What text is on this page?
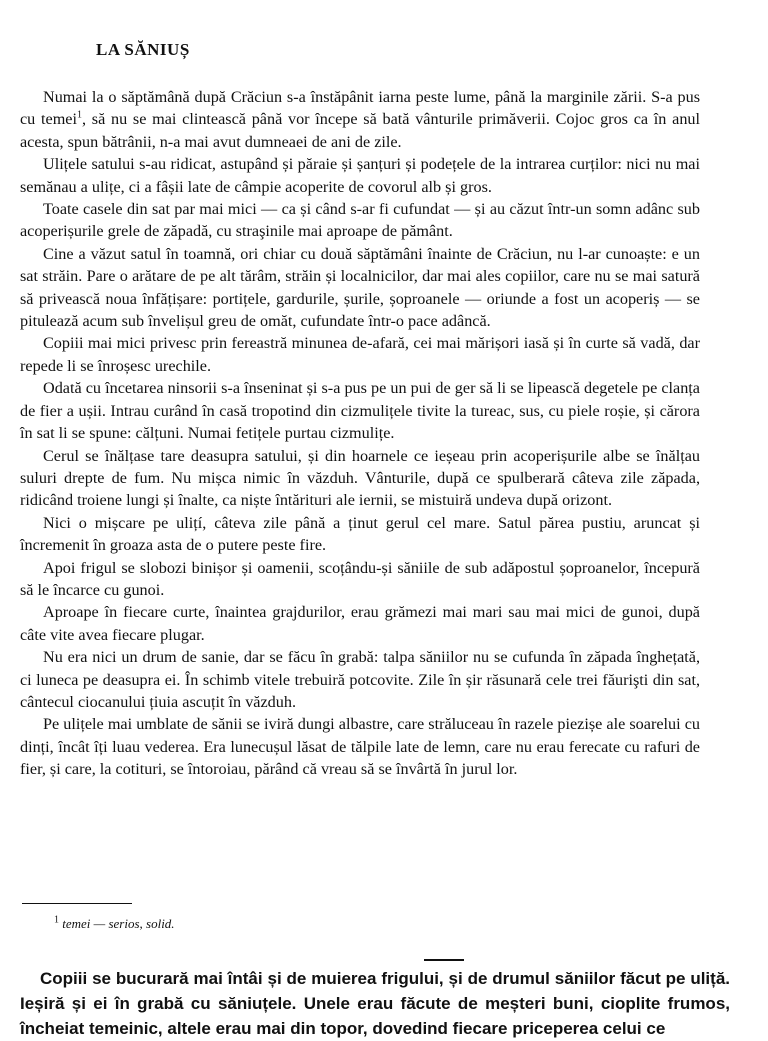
LA SĂNIUȘ

Numai la o săptămână după Crăciun s-a înstăpânit iarna peste lume, până la marginile zării. S-a pus cu temei$^1$, să nu se mai clintească până vor începe să bată vânturile primăverii. Cojoc gros ca în anul acesta, spun bătrânii, n-a mai avut dumneaei de ani de zile.

Ulițele satului s-au ridicat, astupând și păraie și șanțuri și podețele de la intrarea curților: nici nu mai semănau a ulițe, ci a fâșii late de câmpie acoperite de covorul alb și gros.

Toate casele din sat par mai mici — ca și când s-ar fi cufundat — și au căzut într-un somn adânc sub acoperișurile grele de zăpadă, cu straşinile mai aproape de pământ.

Cine a văzut satul în toamnă, ori chiar cu două săptămâni înainte de Crăciun, nu l-ar cunoaște: e un sat străin. Pare o arătare de pe alt tărâm, străin și localnicilor, dar mai ales copiilor, care nu se mai satură să privească noua înfățișare: portițele, gardurile, șurile, șoproanele — oriunde a fost un acoperiș — se pitulează acum sub învelișul greu de omăt, cufundate într-o pace adâncă.

Copiii mai mici privesc prin fereastră minunea de-afară, cei mai mărișori iasă și în curte să vadă, dar repede li se înroșesc urechile.

Odată cu încetarea ninsorii s-a înseninat și s-a pus pe un pui de ger să li se lipească degetele pe clanța de fier a ușii. Intrau curând în casă tropotind din cizmulițele tivite la tureac, sus, cu piele roșie, și cărora în sat li se spune: călțuni. Numai fetițele purtau cizmulițe.

Cerul se înălțase tare deasupra satului, și din hoarnele ce ieșeau prin acoperișurile albe se înălțau suluri drepte de fum. Nu mișca nimic în văzduh. Vânturile, după ce spulberară câteva zile zăpada, ridicând troiene lungi și înalte, ca niște întărituri ale iernii, se mistuiră undeva după orizont.

Nici o mișcare pe ulițí, câteva zile până a ținut gerul cel mare. Satul părea pustiu, aruncat și încremenit în groaza asta de o putere peste fire.

Apoi frigul se slobozi binișor și oamenii, scoțându-și săniile de sub adăpostul șoproanelor, începură să le încarce cu gunoi.

Aproape în fiecare curte, înaintea grajdurilor, erau grămezi mai mari sau mai mici de gunoi, după câte vite avea fiecare plugar.

Nu era nici un drum de sanie, dar se făcu în grabă: talpa săniilor nu se cufunda în zăpada înghețată, ci luneca pe deasupra ei. În schimb vitele trebuiră potcovite. Zile în șir răsunară cele trei făurişti din sat, cântecul ciocanului țiuia ascuțit în văzduh.

Pe ulițele mai umblate de sănii se iviră dungi albastre, care străluceau în razele piezișe ale soarelui cu dinți, încât îți luau vederea. Era lunecușul lăsat de tălpile late de lemn, care nu erau ferecate cu rafuri de fier, și care, la cotituri, se întoroiau, părând că vreau să se învârtă în jurul lor.

$^1$ temei — serios, solid.

Copiii se bucurară mai întâi și de muierea frigului, și de drumul săniilor făcut pe uliță. Ieșiră și ei în grabă cu săniuțele. Unele erau făcute de meșteri buni, cioplite frumos, încheiat temeinic, altele erau mai din topor, dovedind fiecare priceperea celui ce
